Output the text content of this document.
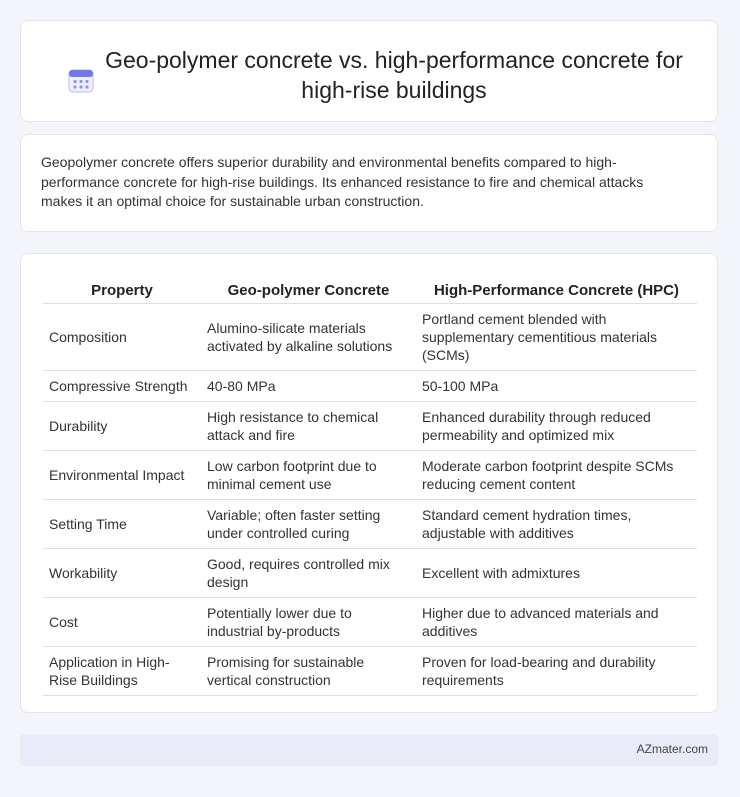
Geo-polymer concrete vs. high-performance concrete for high-rise buildings
Geopolymer concrete offers superior durability and environmental benefits compared to high-performance concrete for high-rise buildings. Its enhanced resistance to fire and chemical attacks makes it an optimal choice for sustainable urban construction.
Property	Geo-polymer Concrete	High-Performance Concrete (HPC)
Composition	Alumino-silicate materials activated by alkaline solutions	Portland cement blended with supplementary cementitious materials (SCMs)
Compressive Strength	40-80 MPa	50-100 MPa
Durability	High resistance to chemical attack and fire	Enhanced durability through reduced permeability and optimized mix
Environmental Impact	Low carbon footprint due to minimal cement use	Moderate carbon footprint despite SCMs reducing cement content
Setting Time	Variable; often faster setting under controlled curing	Standard cement hydration times, adjustable with additives
Workability	Good, requires controlled mix design	Excellent with admixtures
Cost	Potentially lower due to industrial by-products	Higher due to advanced materials and additives
Application in High-Rise Buildings	Promising for sustainable vertical construction	Proven for load-bearing and durability requirements
AZmater.com
